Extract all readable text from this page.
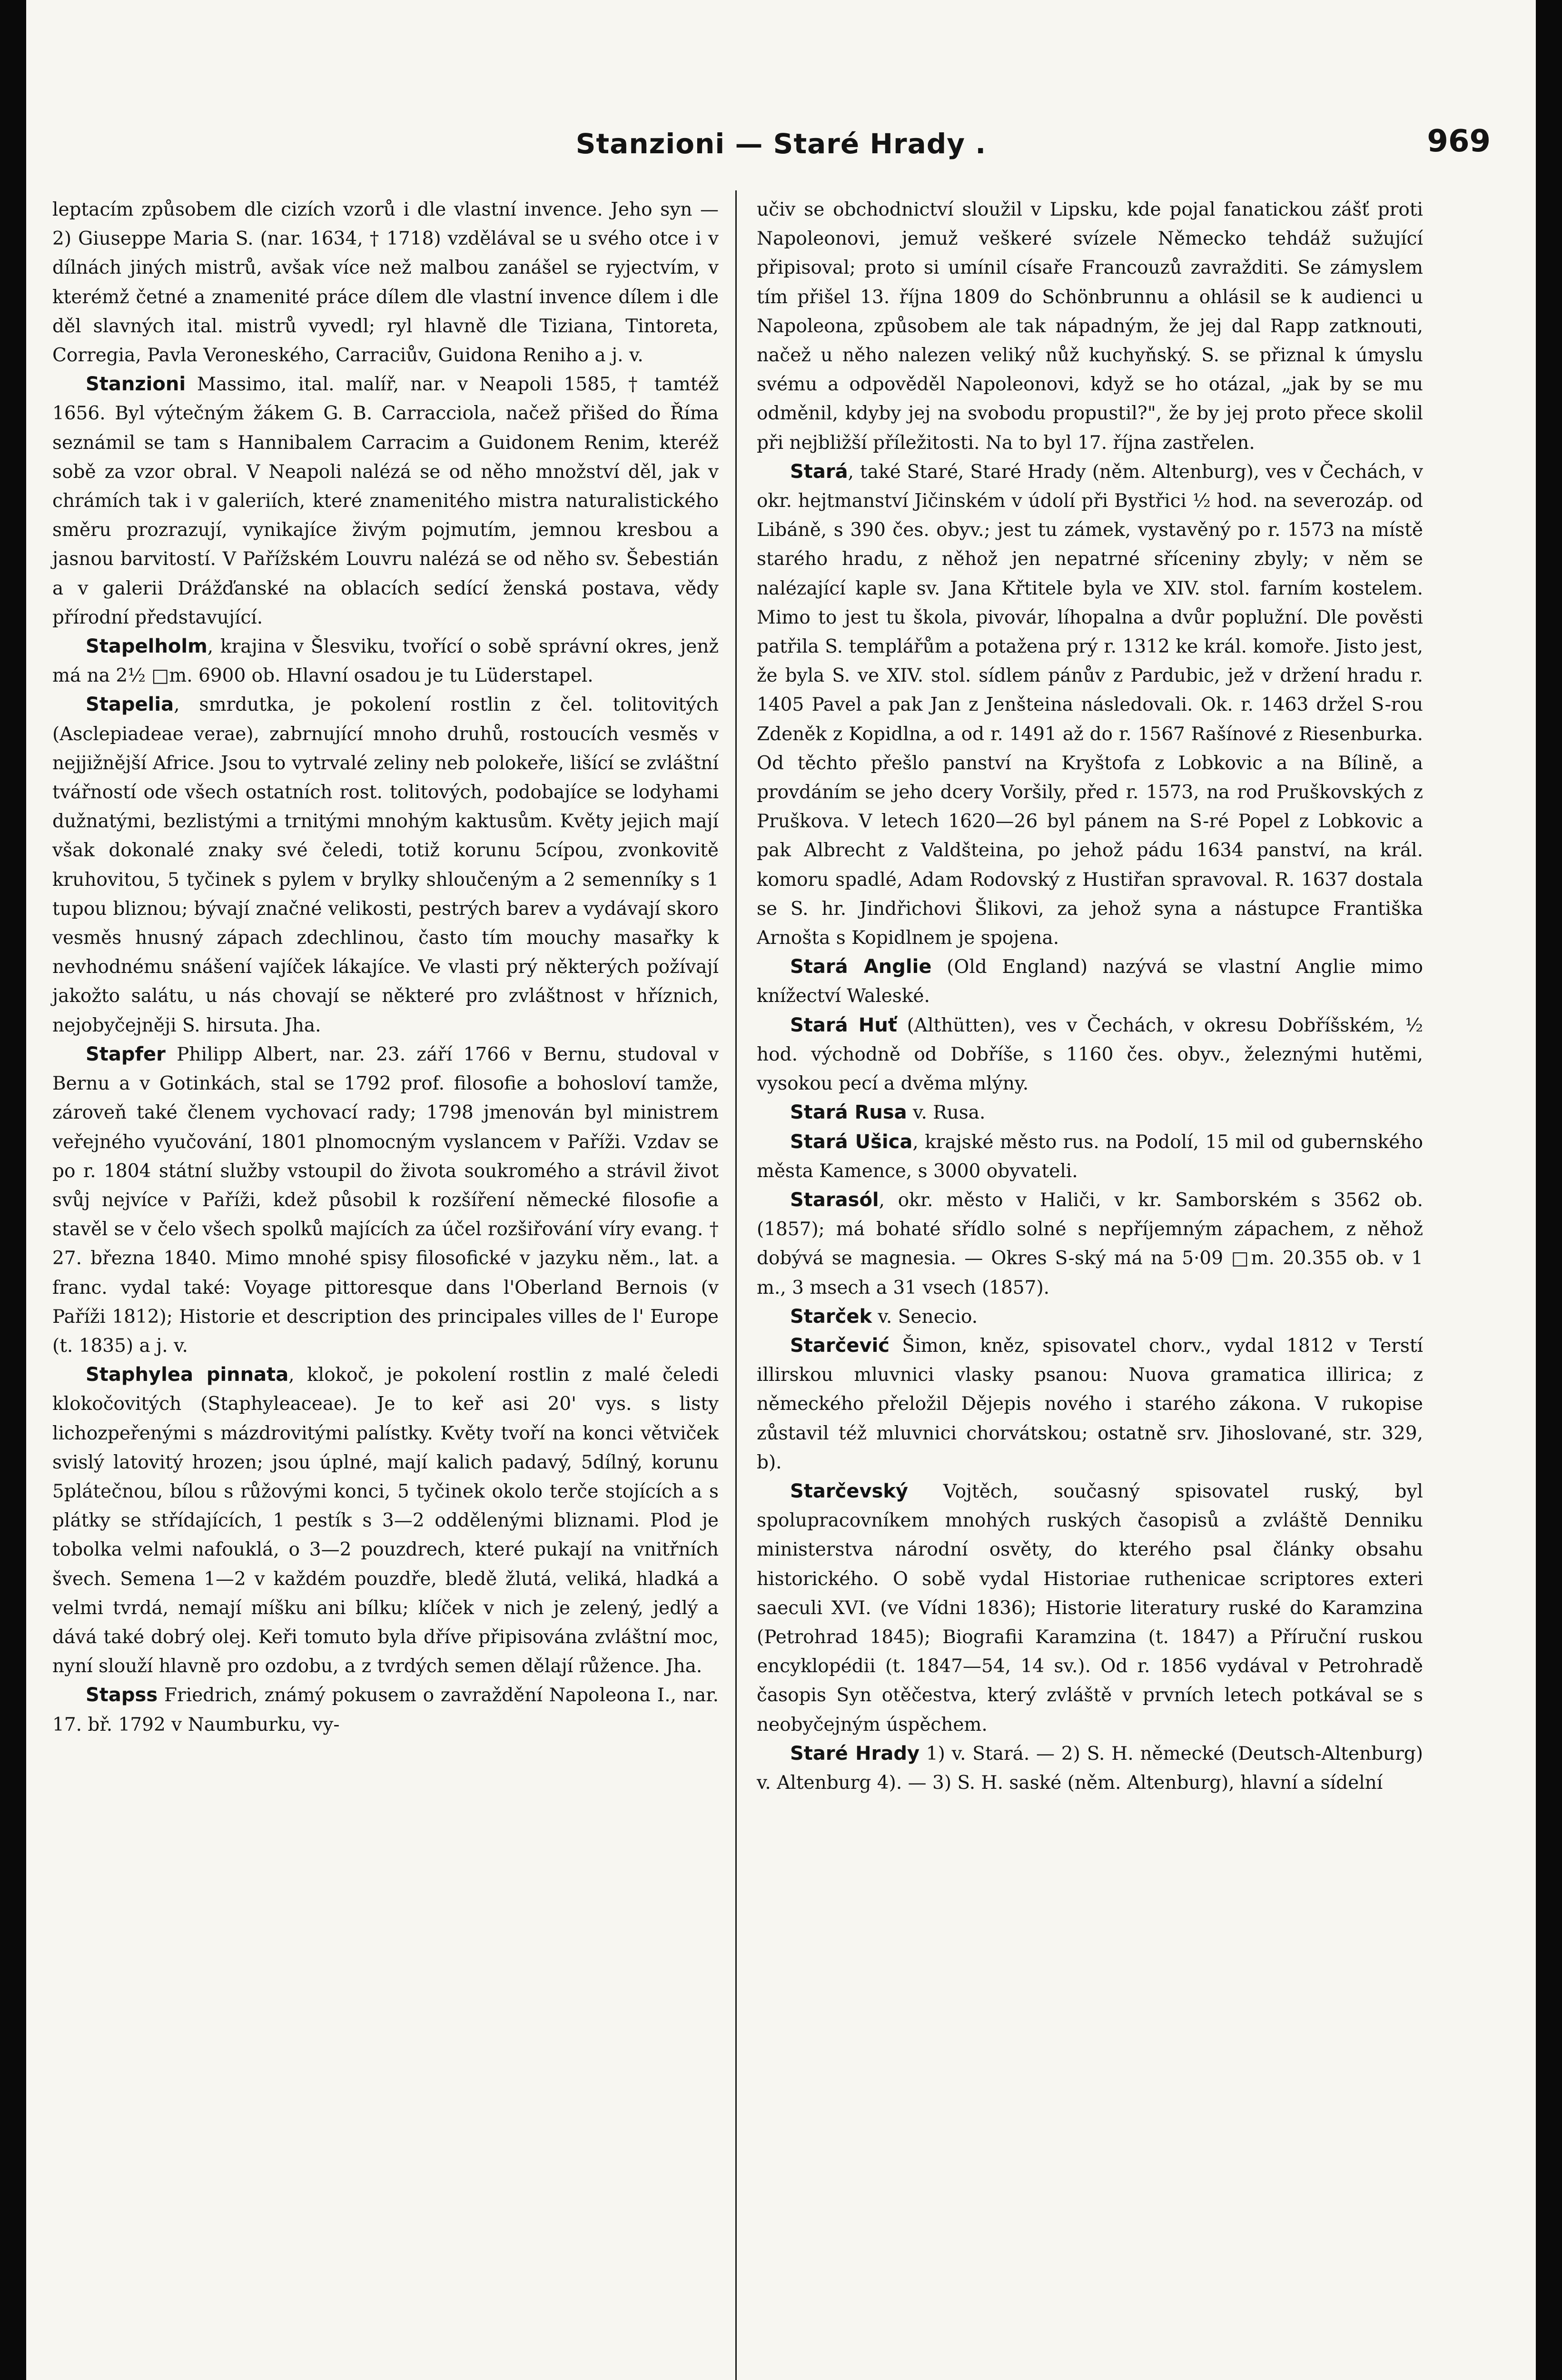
Stanzioni — Staré Hrady .	969

leptacím způsobem dle cizích vzorů i dle vlastní invence. Jeho syn — 2) Giuseppe Maria S. (nar. 1634, † 1718) vzdělával se u svého otce i v dílnách jiných mistrů, avšak více než malbou zanášel se ryjectvím, v kterémž četné a znamenité práce dílem dle vlastní invence dílem i dle děl slavných ital. mistrů vyvedl; ryl hlavně dle Tiziana, Tintoreta, Corregia, Pavla Veroneského, Carraciův, Guidona Reniho a j. v.

Stanzioni Massimo, ital. malíř, nar. v Neapoli 1585, † tamtéž 1656. Byl výtečným žákem G. B. Carracciola, načež přišed do Říma seznámil se tam s Hannibalem Carracim a Guidonem Renim, kteréž sobě za vzor obral. V Neapoli nalézá se od něho množství děl, jak v chrámích tak i v galeriích, které znamenitého mistra naturalistického směru prozrazují, vynikajíce živým pojmutím, jemnou kresbou a jasnou barvitostí. V Pařížském Louvru nalézá se od něho sv. Šebestián a v galerii Drážďanské na oblacích sedící ženská postava, vědy přírodní představující.

Stapelholm, krajina v Šlesviku, tvořící o sobě správní okres, jenž má na 2½ □m. 6900 ob. Hlavní osadou je tu Lüderstapel.

Stapelia, smrdutka, je pokolení rostlin z čel. tolitovitých (Asclepiadeae verae), zabrnující mnoho druhů, rostoucích vesměs v nejjižnější Africe. Jsou to vytrvalé zeliny neb polokeře, lišící se zvláštní tvářností ode všech ostatních rost. tolitových, podobajíce se lodyhami dužnatými, bezlistými a trnitými mnohým kaktusům. Květy jejich mají však dokonalé znaky své čeledi, totiž korunu 5cípou, zvonkovitě kruhovitou, 5 tyčinek s pylem v brylky shloučeným a 2 semenníky s 1 tupou bliznou; bývají značné velikosti, pestrých barev a vydávají skoro vesměs hnusný zápach zdechlinou, často tím mouchy masařky k nevhodnému snášení vajíček lákajíce. Ve vlasti prý některých požívají jakožto salátu, u nás chovají se některé pro zvláštnost v hříznich, nejobyčejněji S. hirsuta. Jha.

Stapfer Philipp Albert, nar. 23. září 1766 v Bernu, studoval v Bernu a v Gotinkách, stal se 1792 prof. filosofie a bohosloví tamže, zároveň také členem vychovací rady; 1798 jmenován byl ministrem veřejného vyučování, 1801 plnomocným vyslancem v Paříži. Vzdav se po r. 1804 státní služby vstoupil do života soukromého a strávil život svůj nejvíce v Paříži, kdež působil k rozšíření německé filosofie a stavěl se v čelo všech spolků majících za účel rozšiřování víry evang. † 27. března 1840. Mimo mnohé spisy filosofické v jazyku něm., lat. a franc. vydal také: Voyage pittoresque dans l'Oberland Bernois (v Paříži 1812); Historie et description des principales villes de l' Europe (t. 1835) a j. v.

Staphylea pinnata, klokoč, je pokolení rostlin z malé čeledi klokočovitých (Staphyleaceae). Je to keř asi 20' vys. s listy lichozpeřenými s mázdrovitými palístky. Květy tvoří na konci větviček svislý latovitý hrozen; jsou úplné, mají kalich padavý, 5dílný, korunu 5plátečnou, bílou s růžovými konci, 5 tyčinek okolo terče stojících a s plátky se střídajících, 1 pestík s 3—2 oddělenými bliznami. Plod je tobolka velmi nafouklá, o 3—2 pouzdrech, které pukají na vnitřních švech. Semena 1—2 v každém pouzdře, bledě žlutá, veliká, hladká a velmi tvrdá, nemají míšku ani bílku; klíček v nich je zelený, jedlý a dává také dobrý olej. Keři tomuto byla dříve připisována zvláštní moc, nyní slouží hlavně pro ozdobu, a z tvrdých semen dělají růžence. Jha.

Stapss Friedrich, známý pokusem o zavraždění Napoleona I., nar. 17. bř. 1792 v Naumburku, vy-

učiv se obchodnictví sloužil v Lipsku, kde pojal fanatickou zášť proti Napoleonovi, jemuž veškeré svízele Německo tehdáž sužující připisoval; proto si umínil císaře Francouzů zavražditi. Se zámyslem tím přišel 13. října 1809 do Schönbrunnu a ohlásil se k audienci u Napoleona, způsobem ale tak nápadným, že jej dal Rapp zatknouti, načež u něho nalezen veliký nůž kuchyňský. S. se přiznal k úmyslu svému a odpověděl Napoleonovi, když se ho otázal, „jak by se mu odměnil, kdyby jej na svobodu propustil?", že by jej proto přece skolil při nejbližší příležitosti. Na to byl 17. října zastřelen.

Stará, také Staré, Staré Hrady (něm. Altenburg), ves v Čechách, v okr. hejtmanství Jičinském v údolí při Bystřici ½ hod. na severozáp. od Libáně, s 390 čes. obyv.; jest tu zámek, vystavěný po r. 1573 na místě starého hradu, z něhož jen nepatrné sříceniny zbyly; v něm se nalézající kaple sv. Jana Křtitele byla ve XIV. stol. farním kostelem. Mimo to jest tu škola, pivovár, líhopalna a dvůr poplužní. Dle pověsti patřila S. templářům a potažena prý r. 1312 ke král. komoře. Jisto jest, že byla S. ve XIV. stol. sídlem pánův z Pardubic, jež v držení hradu r. 1405 Pavel a pak Jan z Jenšteina následovali. Ok. r. 1463 držel S-rou Zdeněk z Kopidlna, a od r. 1491 až do r. 1567 Rašínové z Riesenburka. Od těchto přešlo panství na Kryštofa z Lobkovic a na Bílině, a provdáním se jeho dcery Voršily, před r. 1573, na rod Pruškovských z Pruškova. V letech 1620—26 byl pánem na S-ré Popel z Lobkovic a pak Albrecht z Valdšteina, po jehož pádu 1634 panství, na král. komoru spadlé, Adam Rodovský z Hustiřan spravoval. R. 1637 dostala se S. hr. Jindřichovi Šlikovi, za jehož syna a nástupce Františka Arnošta s Kopidlnem je spojena.

Stará Anglie (Old England) nazývá se vlastní Anglie mimo knížectví Waleské.

Stará Huť (Althütten), ves v Čechách, v okresu Dobříšském, ½ hod. východně od Dobříše, s 1160 čes. obyv., železnými hutěmi, vysokou pecí a dvěma mlýny.

Stará Rusa v. Rusa.

Stará Ušica, krajské město rus. na Podolí, 15 mil od gubernského města Kamence, s 3000 obyvateli.

Starasól, okr. město v Haliči, v kr. Samborském s 3562 ob. (1857); má bohaté sřídlo solné s nepříjemným zápachem, z něhož dobývá se magnesia. — Okres S-ský má na 5·09 □m. 20.355 ob. v 1 m., 3 msech a 31 vsech (1857).

Starček v. Senecio.

Starčević Šimon, kněz, spisovatel chorv., vydal 1812 v Terstí illirskou mluvnici vlasky psanou: Nuova gramatica illirica; z německého přeložil Dějepis nového i starého zákona. V rukopise zůstavil též mluvnici chorvátskou; ostatně srv. Jihoslované, str. 329, b).

Starčevský Vojtěch, současný spisovatel ruský, byl spolupracovníkem mnohých ruských časopisů a zvláště Denniku ministerstva národní osvěty, do kterého psal články obsahu historického. O sobě vydal Historiae ruthenicae scriptores exteri saeculi XVI. (ve Vídni 1836); Historie literatury ruské do Karamzina (Petrohrad 1845); Biografii Karamzina (t. 1847) a Příruční ruskou encyklopédii (t. 1847—54, 14 sv.). Od r. 1856 vydával v Petrohradě časopis Syn otěčestva, který zvláště v prvních letech potkával se s neobyčejným úspěchem.

Staré Hrady 1) v. Stará. — 2) S. H. německé (Deutsch-Altenburg) v. Altenburg 4). — 3) S. H. saské (něm. Altenburg), hlavní a sídelní
